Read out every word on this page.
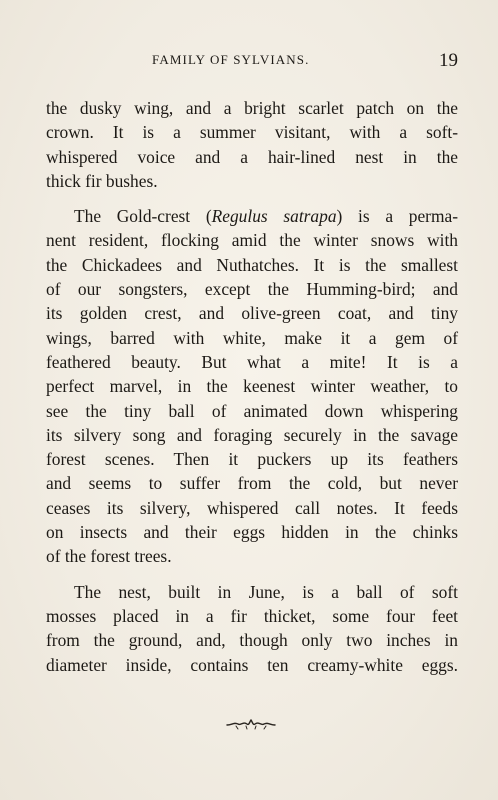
FAMILY OF SYLVIANS.	19
the dusky wing, and a bright scarlet patch on the
crown. It is a summer visitant, with a soft-
whispered voice and a hair-lined nest in the
thick fir bushes.
The Gold-crest (Regulus satrapa) is a perma-
nent resident, flocking amid the winter snows with
the Chickadees and Nuthatches. It is the smallest
of our songsters, except the Humming-bird; and
its golden crest, and olive-green coat, and tiny
wings, barred with white, make it a gem of
feathered beauty. But what a mite! It is a
perfect marvel, in the keenest winter weather, to
see the tiny ball of animated down whispering
its silvery song and foraging securely in the savage
forest scenes. Then it puckers up its feathers
and seems to suffer from the cold, but never
ceases its silvery, whispered call notes. It feeds
on insects and their eggs hidden in the chinks
of the forest trees.
The nest, built in June, is a ball of soft
mosses placed in a fir thicket, some four feet
from the ground, and, though only two inches in
diameter inside, contains ten creamy-white eggs.
